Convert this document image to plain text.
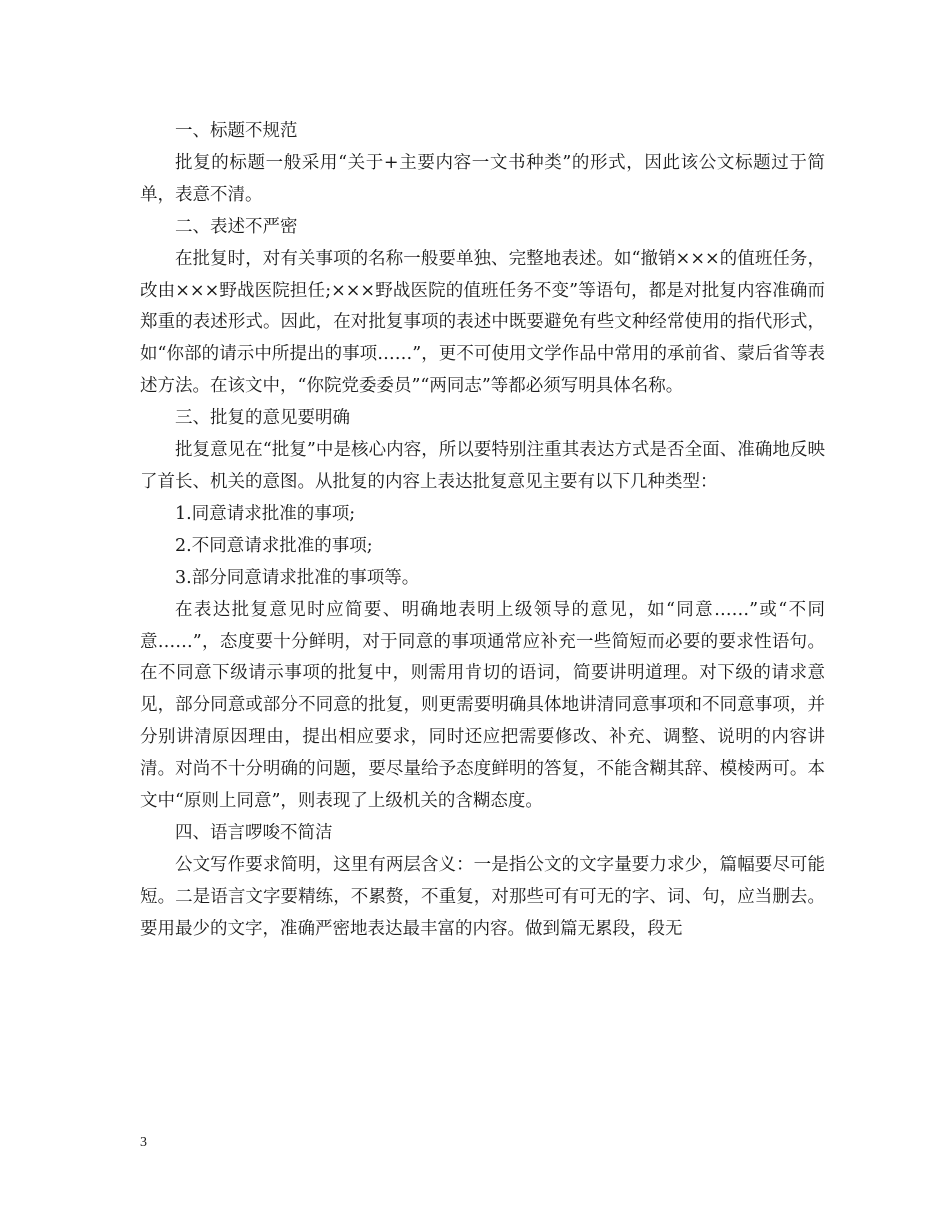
一、标题不规范

批复的标题一般采用“关于+主要内容一文书种类”的形式，因此该公文标题过于简单，表意不清。

二、表述不严密

在批复时，对有关事项的名称一般要单独、完整地表述。如“撤销×××的值班任务，改由×××野战医院担任;×××野战医院的值班任务不变”等语句，都是对批复内容准确而郑重的表述形式。因此，在对批复事项的表述中既要避免有些文种经常使用的指代形式，如“你部的请示中所提出的事项……”，更不可使用文学作品中常用的承前省、蒙后省等表述方法。在该文中，“你院党委委员”“两同志”等都必须写明具体名称。

三、批复的意见要明确

批复意见在“批复”中是核心内容，所以要特别注重其表达方式是否全面、准确地反映了首长、机关的意图。从批复的内容上表达批复意见主要有以下几种类型：

1.同意请求批准的事项;

2.不同意请求批准的事项;

3.部分同意请求批准的事项等。

在表达批复意见时应简要、明确地表明上级领导的意见，如“同意……”或“不同意……”，态度要十分鲜明，对于同意的事项通常应补充一些简短而必要的要求性语句。在不同意下级请示事项的批复中，则需用肯切的语词，简要讲明道理。对下级的请求意见，部分同意或部分不同意的批复，则更需要明确具体地讲清同意事项和不同意事项，并分别讲清原因理由，提出相应要求，同时还应把需要修改、补充、调整、说明的内容讲清。对尚不十分明确的问题，要尽量给予态度鲜明的答复，不能含糊其辞、模棱两可。本文中“原则上同意”，则表现了上级机关的含糊态度。

四、语言啰唆不简洁

公文写作要求简明，这里有两层含义：一是指公文的文字量要力求少，篇幅要尽可能短。二是语言文字要精练，不累赘，不重复，对那些可有可无的字、词、句，应当删去。要用最少的文字，准确严密地表达最丰富的内容。做到篇无累段，段无

3
